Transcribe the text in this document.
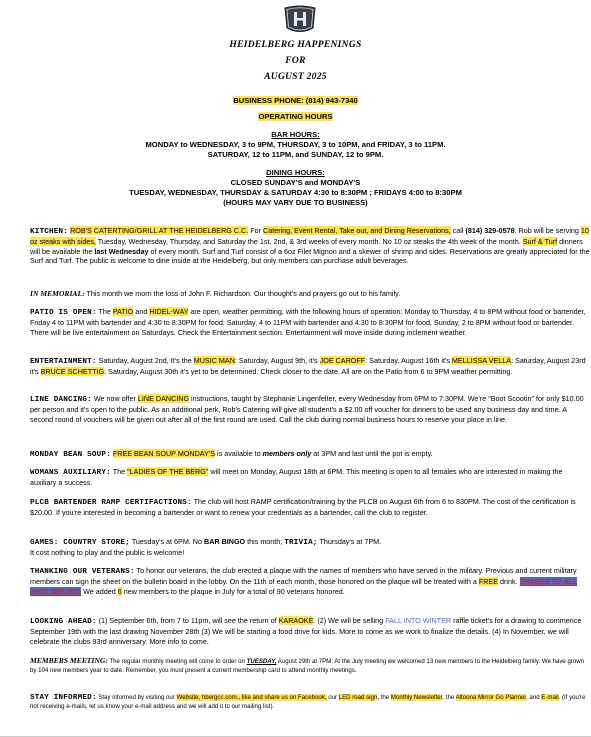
HEIDELBERG HAPPENINGS
FOR
AUGUST 2025
BUSINESS PHONE: (814) 943-7340
OPERATING HOURS
BAR HOURS:
MONDAY to WEDNESDAY, 3 to 9PM, THURSDAY, 3 to 10PM, and FRIDAY, 3 to 11PM.
SATURDAY, 12 to 11PM, and SUNDAY, 12 to 9PM.
DINING HOURS:
CLOSED SUNDAY'S and MONDAY'S
TUESDAY, WEDNESDAY, THURSDAY & SATURDAY 4:30 to 8:30PM ; FRIDAYS 4:00 to 8:30PM
(HOURS MAY VARY DUE TO BUSINESS)
KITCHEN: ROB'S CATERTING/GRILL AT THE HEIDELBERG C.C. For Catering, Event Rental, Take out, and Dining Reservations, call (814) 329-0578. Rob will be serving 10 oz steaks with sides, Tuesday, Wednesday, Thursday, and Saturday the 1st, 2nd, & 3rd weeks of every month. No 10 oz steaks the 4th week of the month. Surf & Turf dinners will be available the last Wednesday of every month. Surf and Turf consist of a 6oz Filet Mignon and a skewer of shrimp and sides. Reservations are greatly appreciated for the Surf and Turf. The public is welcome to dine inside at the Heidelberg, but only members can purchase adult beverages.
IN MEMORIAL: This month we morn the loss of John F. Richardson. Our thought's and prayers go out to his family.
PATIO IS OPEN: The PATIO and HIDEL-WAY are open, weather permitting, with the following hours of operation: Monday to Thursday, 4 to 8PM without food or bartender, Friday 4 to 11PM with bartender and 4:30 to 8:30PM for food: Saturday, 4 to 11PM with bartender and 4:30 to 8:30PM for food, Sunday, 2 to 8PM without food or bartender. There will be live entertainment on Saturdays. Check the Entertainment section. Entertainment will move inside during inclement weather.
ENTERTAINMENT: Saturday, August 2nd, It's the MUSIC MAN: Saturday, August 9th, it's JOE CAROFF: Saturday, August 16th it's MELLISSA VELLA: Saturday, August 23rd it's BRUCE SCHETTIG: Saturday, August 30th it's yet to be determined. Check closer to the date. All are on the Patio from 6 to 9PM weather permitting.
LINE DANCING: We now offer LINE DANCING instructions, taught by Stephanie Lingenfelter, every Wednesday from 6PM to 7:30PM. We're "Boot Scootin" for only $10.00 per person and it's open to the public. As an additional perk, Rob's Catering will give all student's a $2.00 off voucher for dinners to be used any business day and time. A second round of vouchers will be given out after all of the first round are used. Call the club during normal business hours to reserve your place in line.
MONDAY BEAN SOUP: FREE BEAN SOUP MONDAY'S is available to members only at 3PM and last until the pot is empty.
WOMANS AUXILIARY: The "LADIES OF THE BERG" will meet on Monday, August 18th at 6PM. This meeting is open to all females who are interested in making the auxiliary a success.
PLCB BARTENDER RAMP CERTIFACTIONS: The club will host RAMP certification/training by the PLCB on August 6th from 6 to 830PM. The cost of the certification is $20.00. If you're interested in becoming a bartender or want to renew your credentials as a bartender, call the club to register.
GAMES: COUNTRY STORE; Tuesday's at 6PM. No BAR BINGO this month; TRIVIA; Thursday's at 7PM.
It cost nothing to play and the public is welcome!
THANKING OUR VETERANS: To honor our veterans, the club erected a plaque with the names of members who have served in the military. Previous and current military members can sign the sheet on the bulletin board in the lobby. On the 11th of each month, those honored on the plaque will be treated with a FREE drink. THANKS TO ALL WHO SERVED. We added 6 new members to the plaque in July for a total of 90 veterans honored.
LOOKING AHEAD: (1) September 6th, from 7 to 11pm, will see the return of KARAOKE. (2) We will be selling FALL INTO WINTER raffle ticket's for a drawing to commence September 19th with the last drawing November 28th (3) We will be starting a food drive for kids. More to come as we work to finalize the details. (4) In November, we will celebrate the clubs 93rd anniversary. More info to come.
MEMBERS MEETING: The regular monthly meeting will come to order on TUESDAY, August 29th at 7PM. At the July meeting we welcomed 13 new members to the Heidelberg family. We have grown by 104 new members year to date. Remember, you must present a current membership card to attend monthly meetings.
STAY INFORMED: Stay informed by visiting our Website, hbergcc.com., like and share us on Facebook, our LED road sign, the Monthly Newsletter, the Altoona Mirror Go Planner, and E-mail. (If you're not receiving e-mails, let us know your e-mail address and we will add it to our mailing list).
